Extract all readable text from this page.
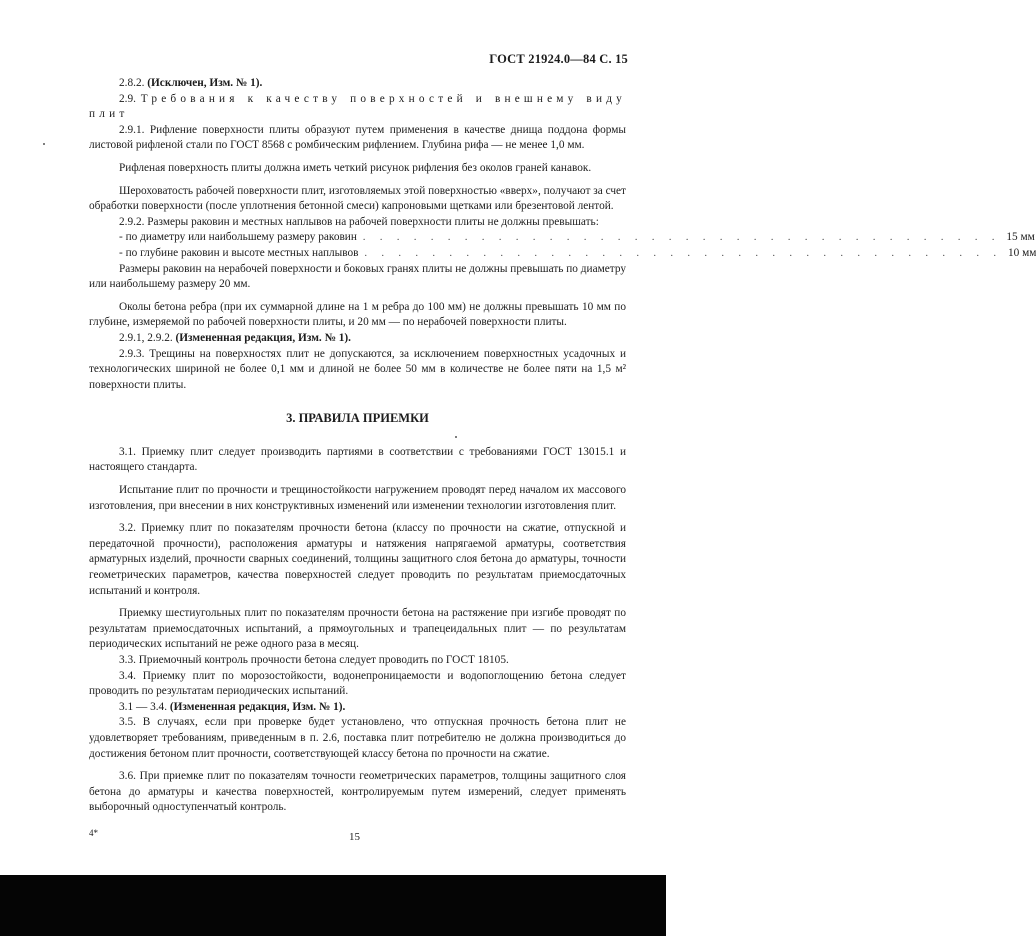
ГОСТ 21924.0—84 С. 15

2.8.2. (Исключен, Изм. № 1).

2.9. Требования к качеству поверхностей и внешнему виду плит

2.9.1. Рифление поверхности плиты образуют путем применения в качестве днища поддона формы листовой рифленой стали по ГОСТ 8568 с ромбическим рифлением. Глубина рифа — не менее 1,0 мм.

Рифленая поверхность плиты должна иметь четкий рисунок рифления без околов граней канавок.

Шероховатость рабочей поверхности плит, изготовляемых этой поверхностью «вверх», получают за счет обработки поверхности (после уплотнения бетонной смеси) капроновыми щетками или брезентовой лентой.

2.9.2. Размеры раковин и местных наплывов на рабочей поверхности плиты не должны превышать:

- по диаметру или наибольшему размеру раковин . . . . . . . . . . . . . . . . . . . . . . . . . . . . . . . . . . . . . . 15 мм
- по глубине раковин и высоте местных наплывов . . . . . . . . . . . . . . . . . . . . . . . . . . . . . . . . . . . . . . 10 мм

Размеры раковин на нерабочей поверхности и боковых гранях плиты не должны превышать по диаметру или наибольшему размеру 20 мм.

Околы бетона ребра (при их суммарной длине на 1 м ребра до 100 мм) не должны превышать 10 мм по глубине, измеряемой по рабочей поверхности плиты, и 20 мм — по нерабочей поверхности плиты.

2.9.1, 2.9.2. (Измененная редакция, Изм. № 1).

2.9.3. Трещины на поверхностях плит не допускаются, за исключением поверхностных усадочных и технологических шириной не более 0,1 мм и длиной не более 50 мм в количестве не более пяти на 1,5 м² поверхности плиты.

3. ПРАВИЛА ПРИЕМКИ

3.1. Приемку плит следует производить партиями в соответствии с требованиями ГОСТ 13015.1 и настоящего стандарта.

Испытание плит по прочности и трещиностойкости нагружением проводят перед началом их массового изготовления, при внесении в них конструктивных изменений или изменении технологии изготовления плит.

3.2. Приемку плит по показателям прочности бетона (классу по прочности на сжатие, отпускной и передаточной прочности), расположения арматуры и натяжения напрягаемой арматуры, соответствия арматурных изделий, прочности сварных соединений, толщины защитного слоя бетона до арматуры, точности геометрических параметров, качества поверхностей следует проводить по результатам приемосдаточных испытаний и контроля.

Приемку шестиугольных плит по показателям прочности бетона на растяжение при изгибе проводят по результатам приемосдаточных испытаний, а прямоугольных и трапецеидальных плит — по результатам периодических испытаний не реже одного раза в месяц.

3.3. Приемочный контроль прочности бетона следует проводить по ГОСТ 18105.

3.4. Приемку плит по морозостойкости, водонепроницаемости и водопоглощению бетона следует проводить по результатам периодических испытаний.

3.1 — 3.4. (Измененная редакция, Изм. № 1).

3.5. В случаях, если при проверке будет установлено, что отпускная прочность бетона плит не удовлетворяет требованиям, приведенным в п. 2.6, поставка плит потребителю не должна производиться до достижения бетоном плит прочности, соответствующей классу бетона по прочности на сжатие.

3.6. При приемке плит по показателям точности геометрических параметров, толщины защитного слоя бетона до арматуры и качества поверхностей, контролируемым путем измерений, следует применять выборочный одноступенчатый контроль.

4*	15
